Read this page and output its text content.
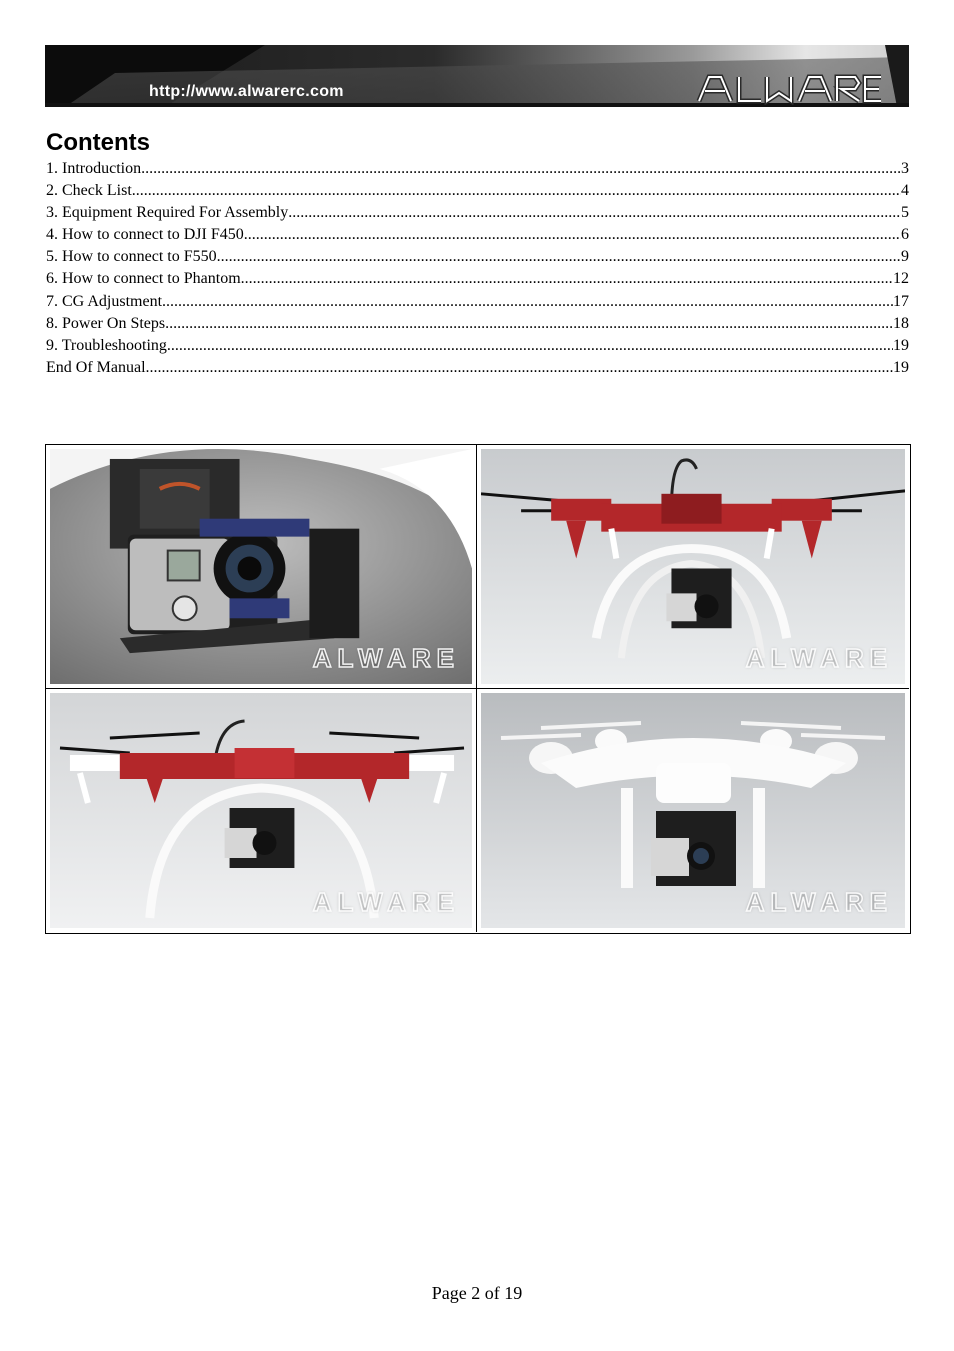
http://www.alwarerc.com
Contents
1. Introduction .....	3
2. Check List .....	4
3. Equipment Required For Assembly .....	5
4. How to connect to DJI F450 .....	6
5. How to connect to F550 .....	9
6. How to connect to Phantom .....	12
7. CG Adjustment .....	17
8. Power On Steps .....	18
9. Troubleshooting .....	19
End Of Manual .....	19
ALWARE	ALWARE
ALWARE	ALWARE
Page 2 of 19
